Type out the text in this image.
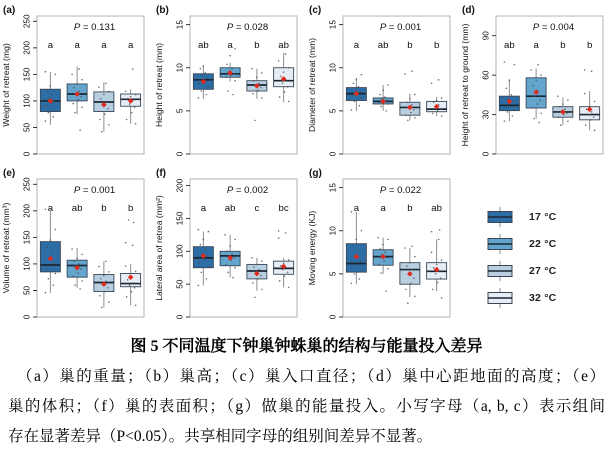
(a)
Weight of retreat (mg)
0
50
100
150
200
250	P = 0.131
a a a a
(b)
Height of retreat (mm)
0
5
10
15	P = 0.028
ab a b ab
(c)
Diameter of retreat (mm)
0
5
10
15	P = 0.001
a ab b b
(d)
Height of retreat to ground (mm)
0
30
60
90
P = 0.004
ab a b b
(e)
Volume of retreat (mm³)
0
50
100
150
200
250	P = 0.001
a ab b b
(f)
Lateral area of retrea (mm²)
0
50
100
150
200	P = 0.002
a ab c bc
(g)
Moving energy (KJ)
0
5
10
15	P = 0.022
a a b ab
17 °C
22 °C
27 °C
32 °C
图 5 不同温度下钟巢钟蛛巢的结构与能量投入差异
（a）巢的重量；（b）巢高；（c）巢入口直径；（d）巢中心距地面的高度；（e）
巢的体积；（f）巢的表面积；（g）做巢的能量投入。小写字母（a, b, c）表示组间
存在显著差异（P<0.05）。共享相同字母的组别间差异不显著。
